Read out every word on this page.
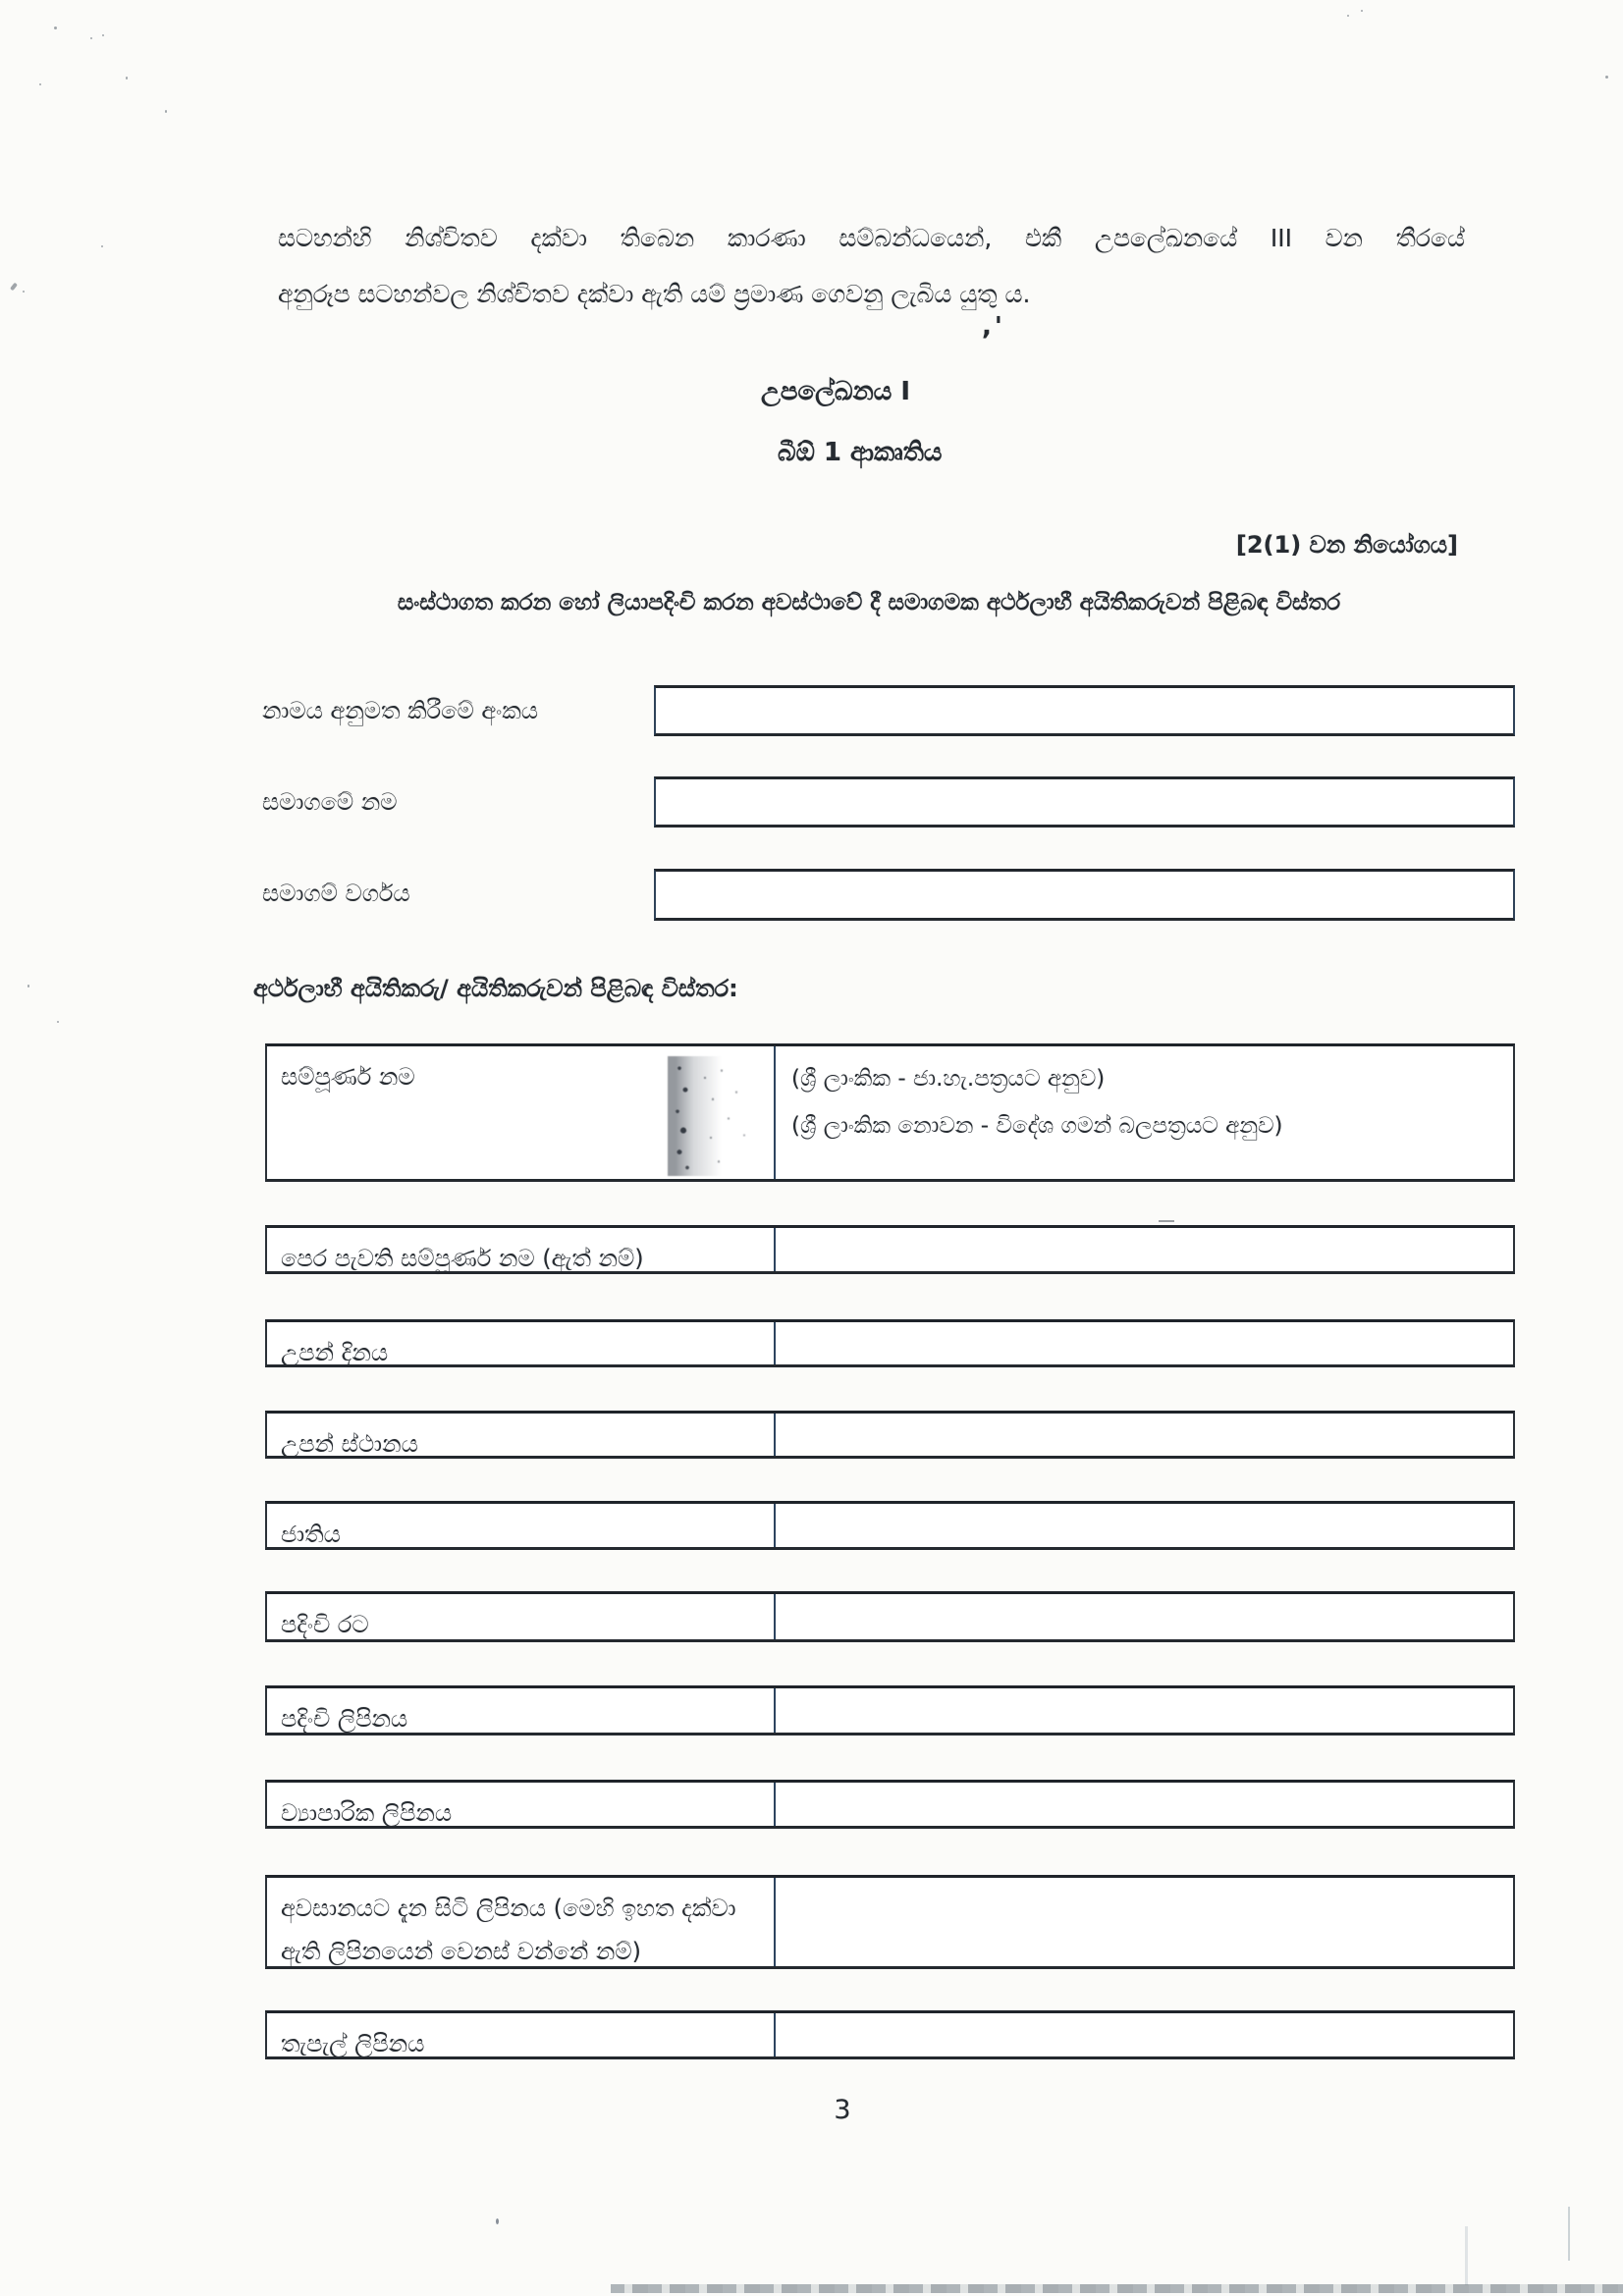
සටහන්හි නිශ්චිතව දක්වා තිබෙන කාරණා සම්බන්ධයෙන්, එකී උපලේඛනයේ III වන තීරයේ
අනුරූප සටහන්වල නිශ්චිතව දක්වා ඇති යම් ප්‍රමාණ ගෙවනු ලැබිය යුතු ය.
,'
උපලේඛනය I
බීඕ 1 ආකෘතිය
[2(1) වන නියෝගය]
සංස්ථාගත කරන හෝ ලියාපදිංචි කරන අවස්ථාවේ දී සමාගමක අර්ථලාභී අයිතිකරුවන් පිළිබඳ විස්තර
නාමය අනුමත කිරීමේ අංකය
සමාගමේ නම
සමාගම් වර්ගය
අර්ථලාභී අයිතිකරු/ අයිතිකරුවන් පිළිබඳ විස්තර:
සම්පූර්ණ නම	(ශ්‍රී ලාංකික - ජා.හැ.පත්‍රයට අනුව)
(ශ්‍රී ලාංකික නොවන - විදේශ ගමන් බලපත්‍රයට අනුව)
පෙර පැවති සම්පූර්ණ නම (ඇත් නම්)
උපන් දිනය
උපන් ස්ථානය
ජාතිය
පදිංචි රට
පදිංචි ලිපිනය
ව්‍යාපාරික ලිපිනය
අවසානයට දැන සිටි ලිපිනය (මෙහි ඉහත දක්වා ඇති ලිපිනයෙන් වෙනස් වන්නේ නම්)
තැපැල් ලිපිනය
3
